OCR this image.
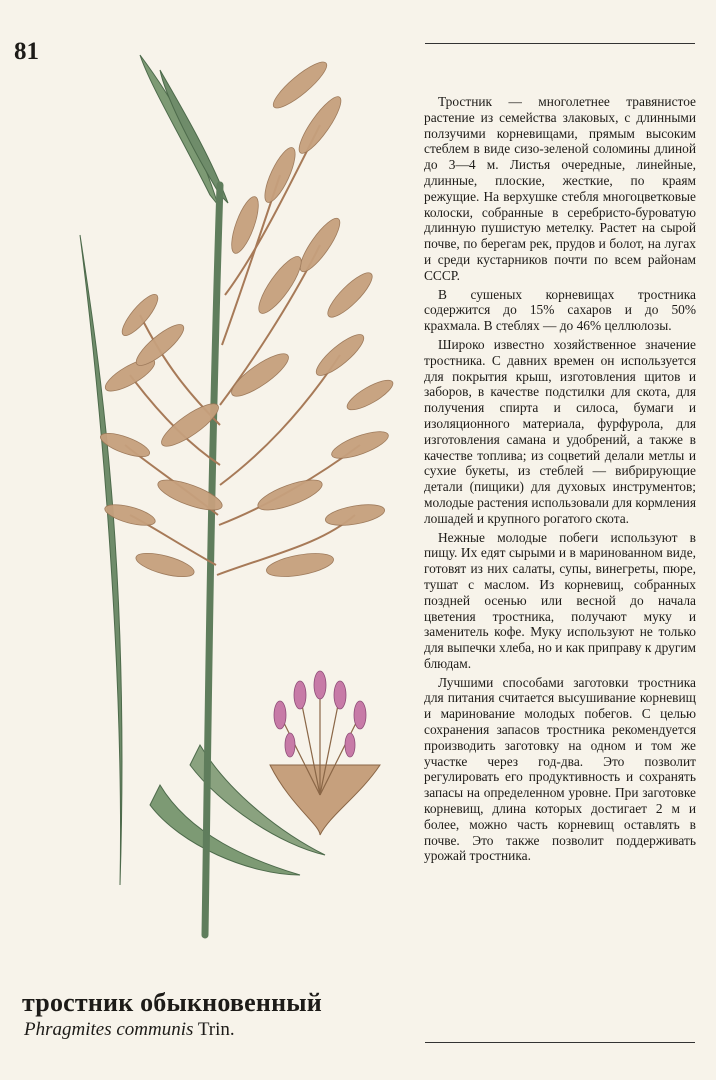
81

Тростник — многолетнее травянистое растение из семейства злаковых, с длинными ползучими корневищами, прямым высоким стеблем в виде сизо-зеленой соломины длиной до 3—4 м. Листья очередные, линейные, длинные, плоские, жесткие, по краям режущие. На верхушке стебля многоцветковые колоски, собранные в серебристо-буроватую длинную пушистую метелку. Растет на сырой почве, по берегам рек, прудов и болот, на лугах и среди кустарников почти по всем районам СССР.

В сушеных корневищах тростника содержится до 15% сахаров и до 50% крахмала. В стеблях — до 46% целлюлозы.

Широко известно хозяйственное значение тростника. С давних времен он используется для покрытия крыш, изготовления щитов и заборов, в качестве подстилки для скота, для получения спирта и силоса, бумаги и изоляционного материала, фурфурола, для изготовления самана и удобрений, а также в качестве топлива; из соцветий делали метлы и сухие букеты, из стеблей — вибрирующие детали (пищики) для духовых инструментов; молодые растения использовали для кормления лошадей и крупного рогатого скота.

Нежные молодые побеги используют в пищу. Их едят сырыми и в маринованном виде, готовят из них салаты, супы, винегреты, пюре, тушат с маслом. Из корневищ, собранных поздней осенью или весной до начала цветения тростника, получают муку и заменитель кофе. Муку используют не только для выпечки хлеба, но и как приправу к другим блюдам.

Лучшими способами заготовки тростника для питания считается высушивание корневищ и маринование молодых побегов. С целью сохранения запасов тростника рекомендуется производить заготовку на одном и том же участке через год-два. Это позволит регулировать его продуктивность и сохранять запасы на определенном уровне. При заготовке корневищ, длина которых достигает 2 м и более, можно часть корневищ оставлять в почве. Это также позволит поддерживать урожай тростника.

тростник обыкновенный
Phragmites communis Trin.
